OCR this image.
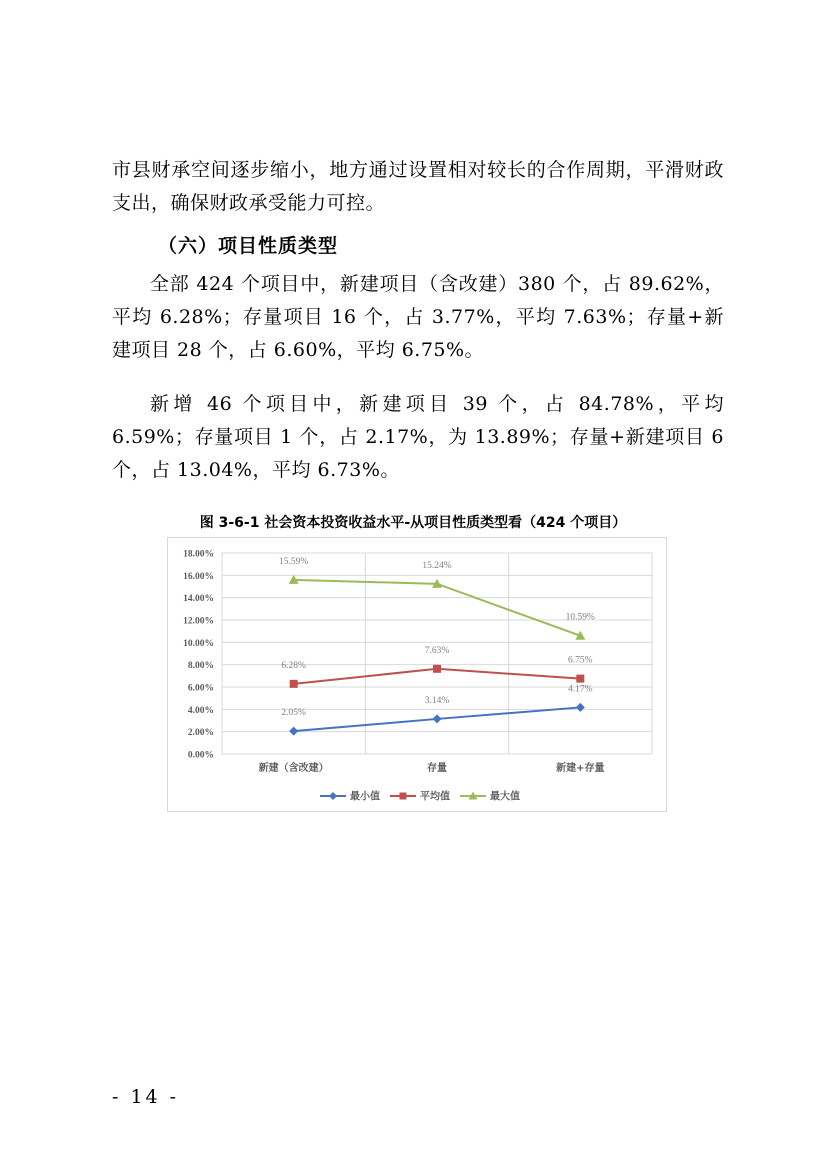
市县财承空间逐步缩小，地方通过设置相对较长的合作周期，平滑财政支出，确保财政承受能力可控。

（六）项目性质类型

全部 424 个项目中，新建项目（含改建）380 个，占 89.62%，平均 6.28%；存量项目 16 个，占 3.77%，平均 7.63%；存量+新建项目 28 个，占 6.60%，平均 6.75%。

新增 46 个项目中，新建项目 39 个，占 84.78%，平均 6.59%；存量项目 1 个，占 2.17%，为 13.89%；存量+新建项目 6 个，占 13.04%，平均 6.73%。

图 3-6-1 社会资本投资收益水平-从项目性质类型看（424 个项目）

0.00%
2.00%
4.00%
6.00%
8.00%
10.00%
12.00%
14.00%
16.00%
18.00%
新建（含改建）	存量	新建+存量
2.05%
3.14%
4.17%
6.28%
7.63%
6.75%
15.59%	15.24%
10.59%
最小值	平均值	最大值

- 14 -
